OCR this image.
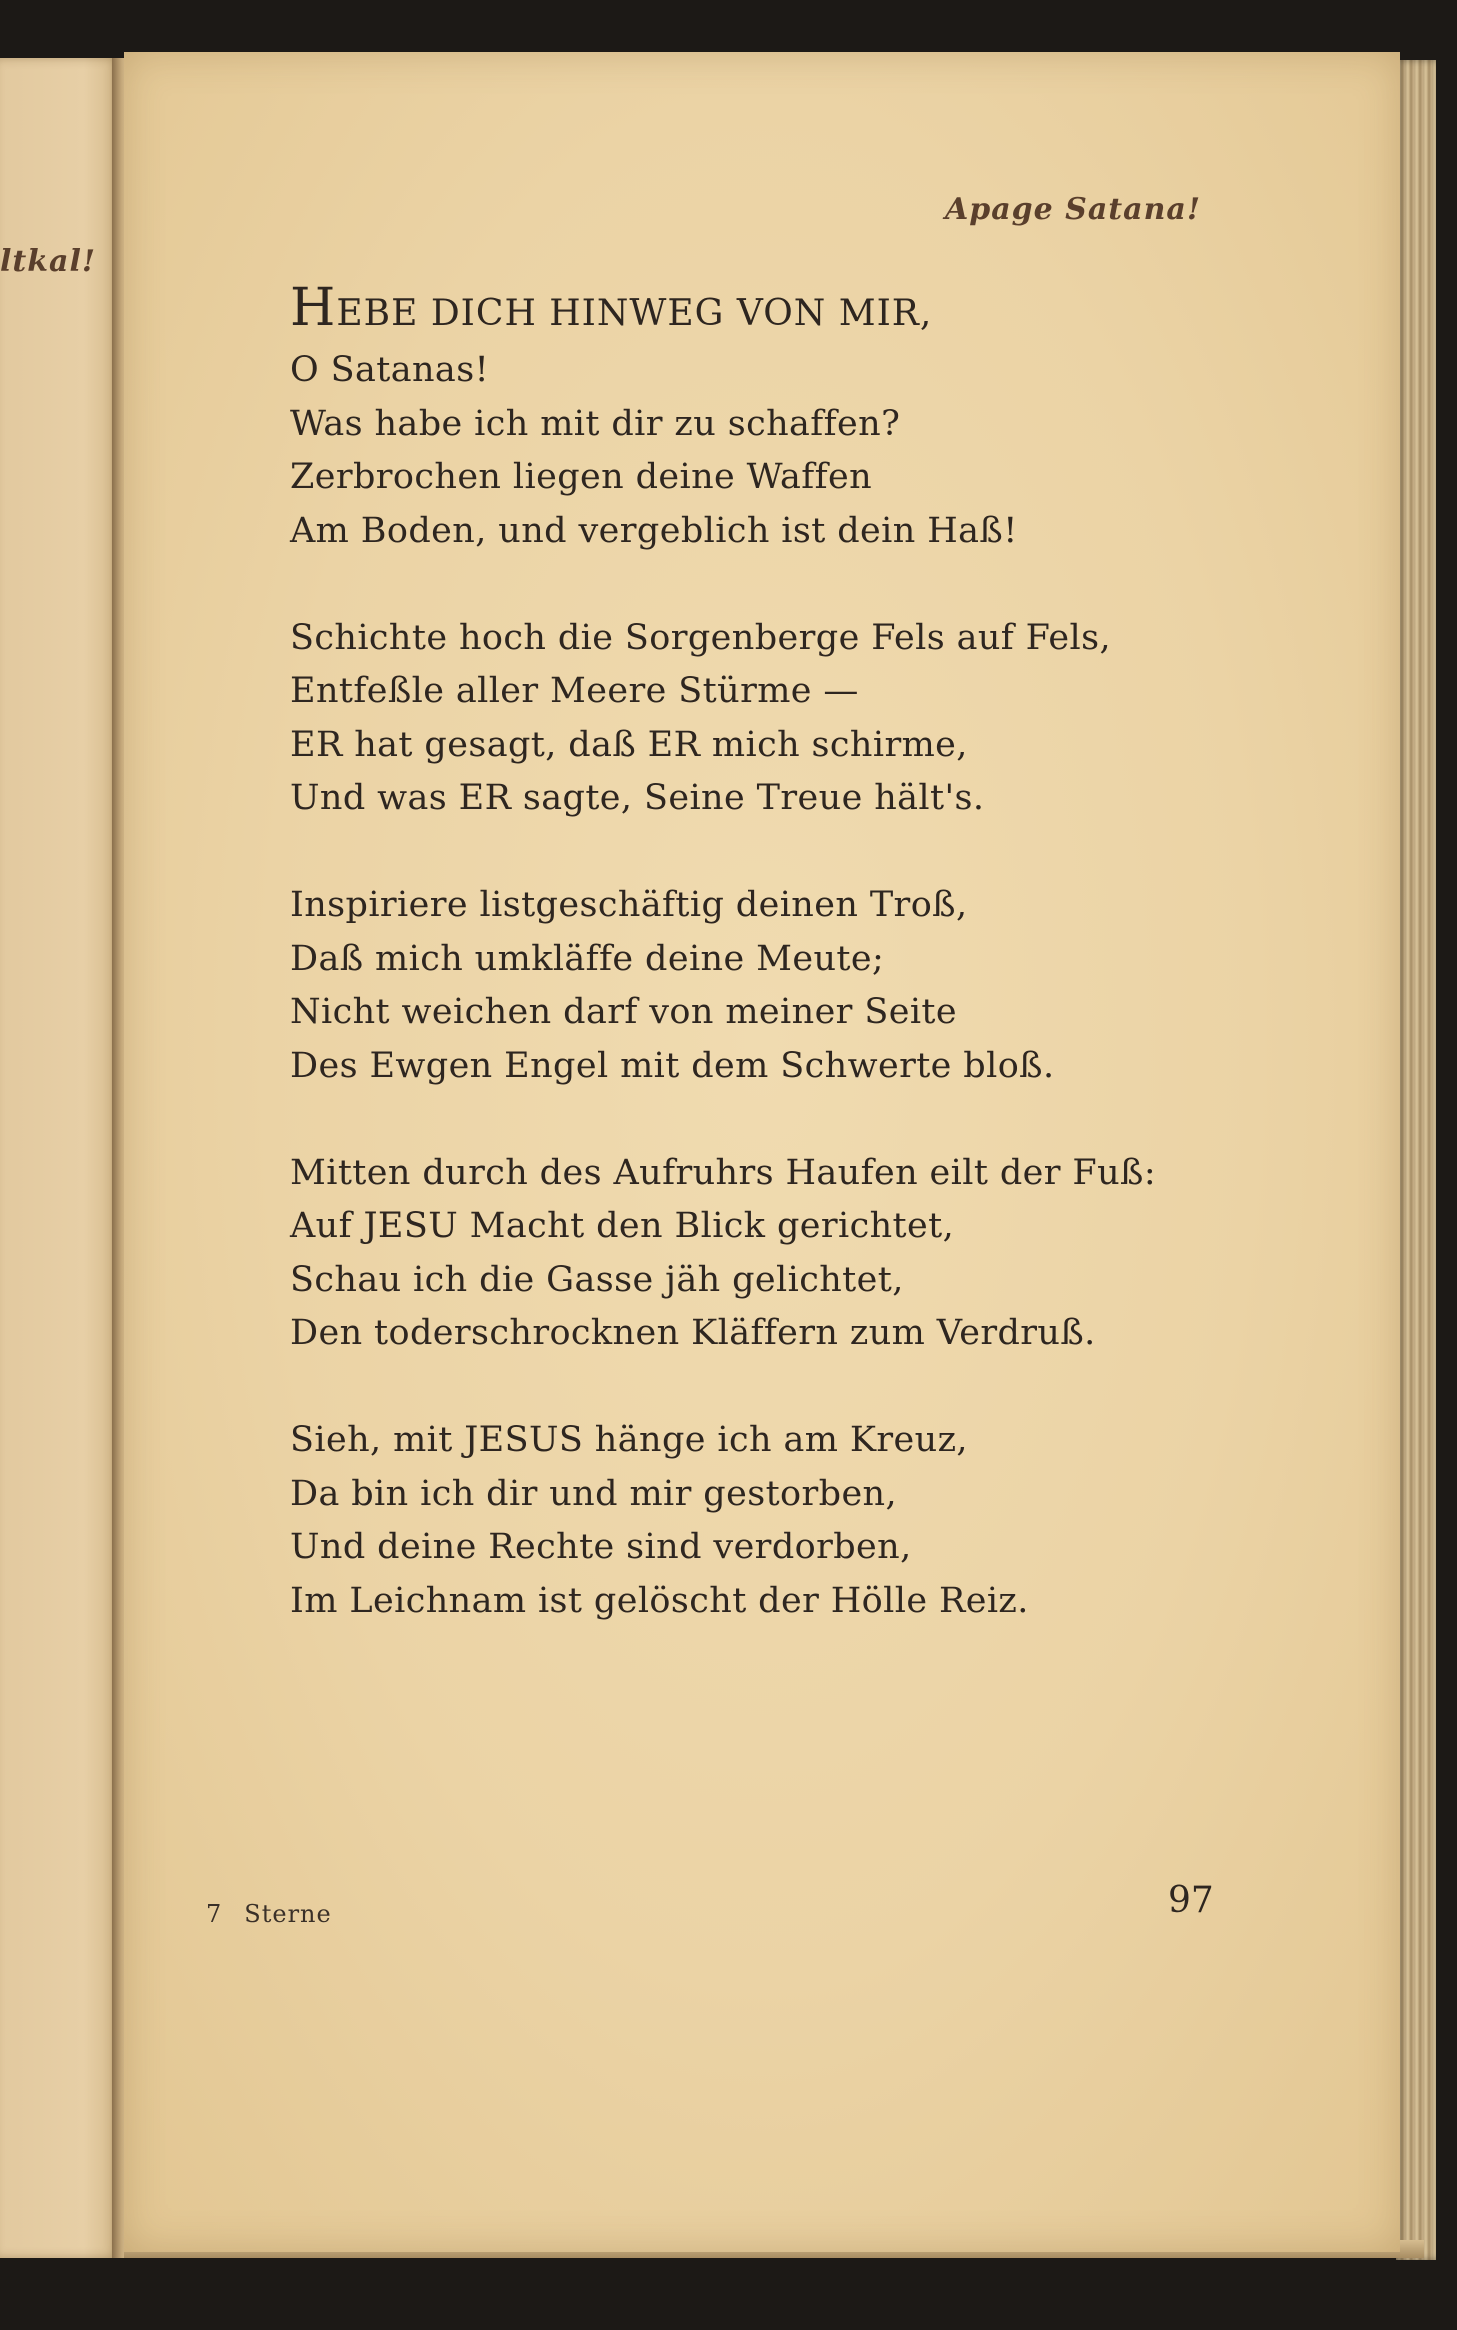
ltkal!
Apage Satana!

HEBE DICH HINWEG VON MIR,

O Satanas!
Was habe ich mit dir zu schaffen?
Zerbrochen liegen deine Waffen
Am Boden, und vergeblich ist dein Haß!
Schichte hoch die Sorgenberge Fels auf Fels,
Entfeßle aller Meere Stürme —
ER hat gesagt, daß ER mich schirme,
Und was ER sagte, Seine Treue hält's.
Inspiriere listgeschäftig deinen Troß,
Daß mich umkläffe deine Meute;
Nicht weichen darf von meiner Seite
Des Ewgen Engel mit dem Schwerte bloß.
Mitten durch des Aufruhrs Haufen eilt der Fuß:
Auf JESU Macht den Blick gerichtet,
Schau ich die Gasse jäh gelichtet,
Den toderschrocknen Kläffern zum Verdruß.
Sieh, mit JESUS hänge ich am Kreuz,
Da bin ich dir und mir gestorben,
Und deine Rechte sind verdorben,
Im Leichnam ist gelöscht der Hölle Reiz.
7 Sterne	97
